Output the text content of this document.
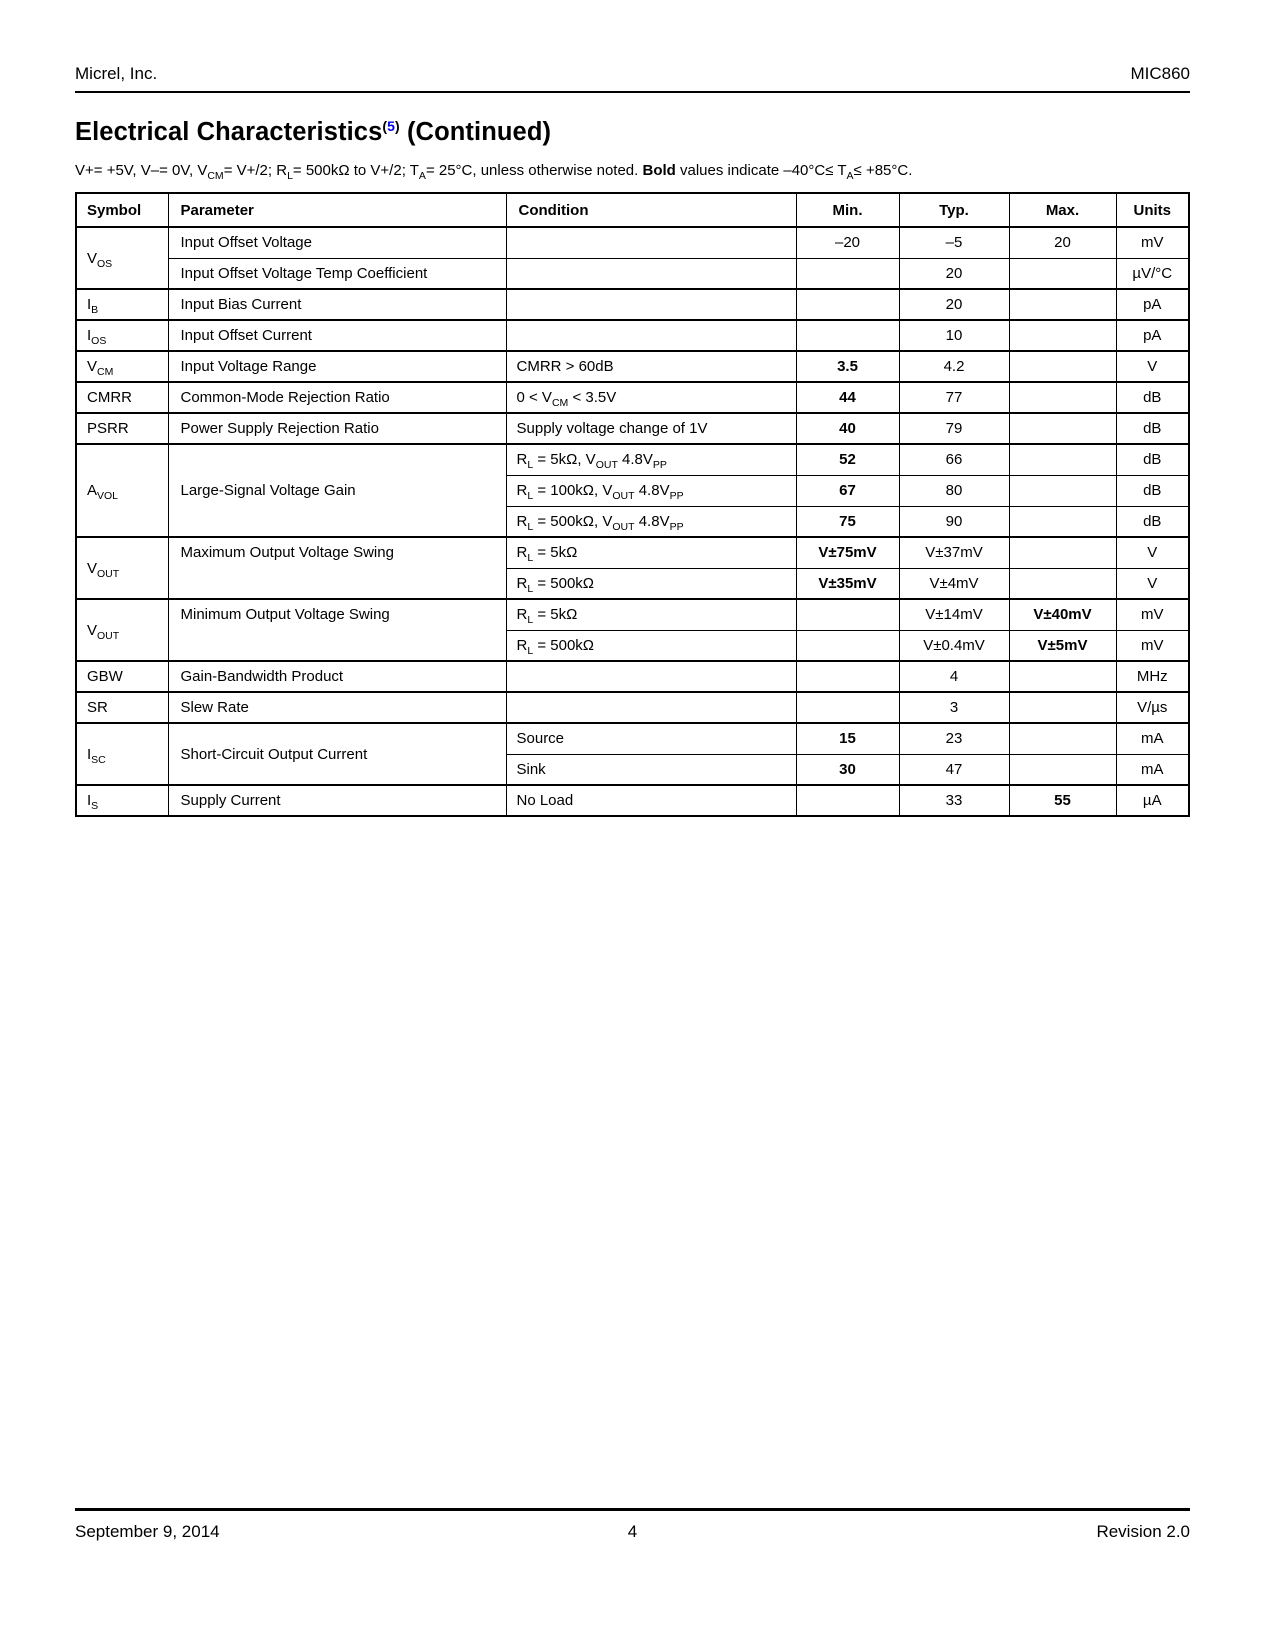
Micrel, Inc.	MIC860
Electrical Characteristics$^{(5)}$ (Continued)

V+= +5V, V–= 0V, $V_{CM}= V+/2$; $R_L= 500k\Omega$ to V+/2; $T_A= 25^\circ C$, unless otherwise noted. Bold values indicate $-40^\circ C\le T_A\le +85^\circ C$.

Symbol	Parameter	Condition	Min.	Typ.	Max.	Units
$V_{OS}$	Input Offset Voltage		–20	–5	20	mV
	Input Offset Voltage Temp Coefficient			20		µV/°C
$I_B$	Input Bias Current			20		pA
$I_{OS}$	Input Offset Current			10		pA
$V_{CM}$	Input Voltage Range	CMRR > 60dB	3.5	4.2		V
CMRR	Common-Mode Rejection Ratio	$0 < V_{CM} < 3.5V$	44	77		dB
PSRR	Power Supply Rejection Ratio	Supply voltage change of 1V	40	79		dB
$A_{VOL}$	Large-Signal Voltage Gain	$R_L = 5k\Omega$, $V_{OUT}$ $4.8V_{PP}$	52	66		dB
		$R_L = 100k\Omega$, $V_{OUT}$ $4.8V_{PP}$	67	80		dB
		$R_L = 500k\Omega$, $V_{OUT}$ $4.8V_{PP}$	75	90		dB
$V_{OUT}$	Maximum Output Voltage Swing	$R_L = 5k\Omega$	V±75mV	V±37mV		V
		$R_L = 500k\Omega$	V±35mV	V±4mV		V
$V_{OUT}$	Minimum Output Voltage Swing	$R_L = 5k\Omega$		V±14mV	V±40mV	mV
		$R_L = 500k\Omega$		V±0.4mV	V±5mV	mV
GBW	Gain-Bandwidth Product			4		MHz
SR	Slew Rate			3		V/µs
$I_{SC}$	Short-Circuit Output Current	Source	15	23		mA
		Sink	30	47		mA
$I_S$	Supply Current	No Load		33	55	µA
September 9, 2014	4	Revision 2.0
